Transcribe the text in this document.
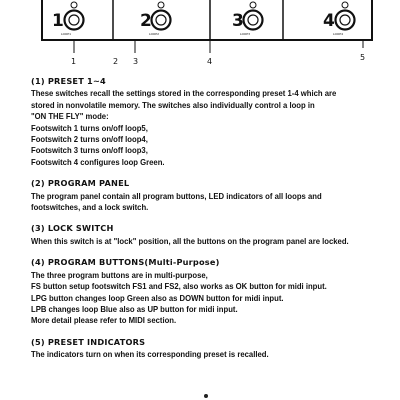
1
LOOP1
2
LOOP2
3
LOOP3
4
LOOP4
1	2 3	4	5
(1) PRESET 1~4
These switches recall the settings stored in the corresponding preset 1-4 which are
stored in nonvolatile memory. The switches also individually control a loop in
"ON THE FLY" mode:
Footswitch 1 turns on/off loop5,
Footswitch 2 turns on/off loop4,
Footswitch 3 turns on/off loop3,
Footswitch 4 configures loop Green.
(2) PROGRAM PANEL
The program panel contain all program buttons, LED indicators of all loops and
footswitches, and a lock switch.
(3) LOCK SWITCH
When this switch is at "lock" position, all the buttons on the program panel are locked.
(4) PROGRAM BUTTONS(Multi-Purpose)
The three program buttons are in multi-purpose,
FS button setup footswitch FS1 and FS2, also works as OK button for midi input.
LPG button changes loop Green also as DOWN button for midi input.
LPB changes loop Blue also as UP button for midi input.
More detail please refer to MIDI section.
(5) PRESET INDICATORS
The indicators turn on when its corresponding preset is recalled.
